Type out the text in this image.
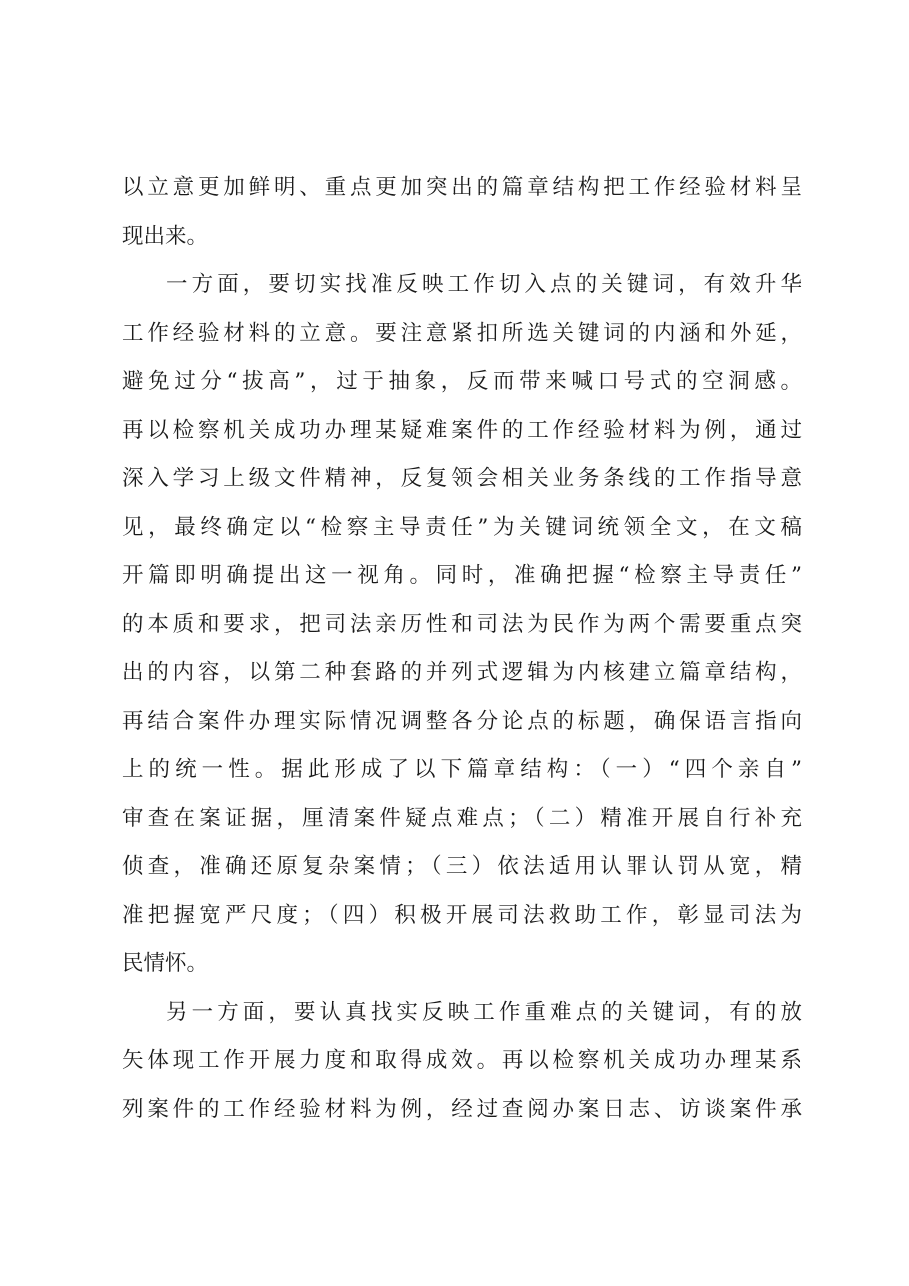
以立意更加鲜明、重点更加突出的篇章结构把工作经验材料呈
现出来。
一方面，要切实找准反映工作切入点的关键词，有效升华
工作经验材料的立意。要注意紧扣所选关键词的内涵和外延，
避免过分“拔高”，过于抽象，反而带来喊口号式的空洞感。
再以检察机关成功办理某疑难案件的工作经验材料为例，通过
深入学习上级文件精神，反复领会相关业务条线的工作指导意
见，最终确定以“检察主导责任”为关键词统领全文，在文稿
开篇即明确提出这一视角。同时，准确把握“检察主导责任”
的本质和要求，把司法亲历性和司法为民作为两个需要重点突
出的内容，以第二种套路的并列式逻辑为内核建立篇章结构，
再结合案件办理实际情况调整各分论点的标题，确保语言指向
上的统一性。据此形成了以下篇章结构：（一）“四个亲自”
审查在案证据，厘清案件疑点难点；（二）精准开展自行补充
侦查，准确还原复杂案情；（三）依法适用认罪认罚从宽，精
准把握宽严尺度；（四）积极开展司法救助工作，彰显司法为
民情怀。
另一方面，要认真找实反映工作重难点的关键词，有的放
矢体现工作开展力度和取得成效。再以检察机关成功办理某系
列案件的工作经验材料为例，经过查阅办案日志、访谈案件承
